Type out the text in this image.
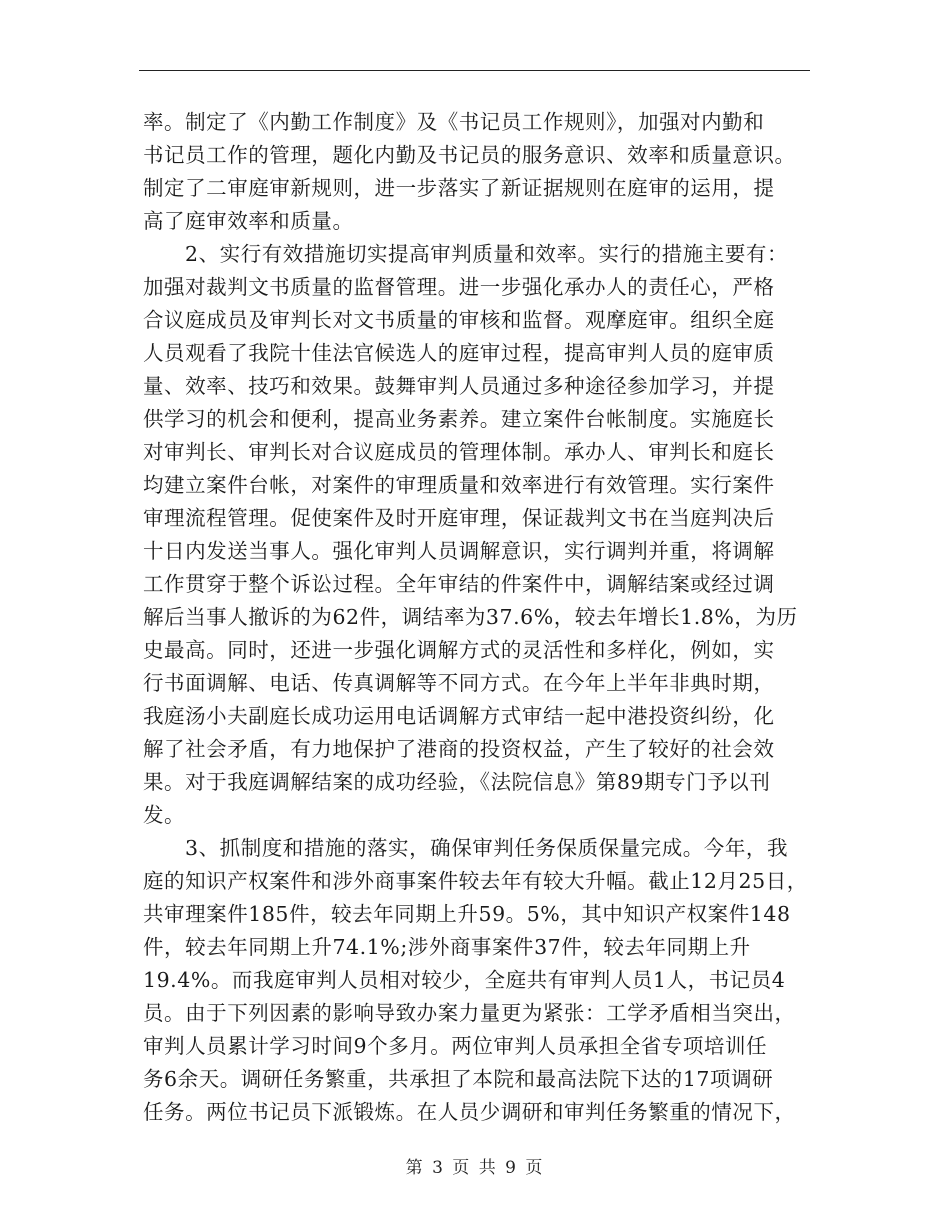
率。制定了《内勤工作制度》及《书记员工作规则》，加强对内勤和
书记员工作的管理，题化内勤及书记员的服务意识、效率和质量意识。
制定了二审庭审新规则，进一步落实了新证据规则在庭审的运用，提
高了庭审效率和质量。
2、实行有效措施切实提高审判质量和效率。实行的措施主要有：
加强对裁判文书质量的监督管理。进一步强化承办人的责任心，严格
合议庭成员及审判长对文书质量的审核和监督。观摩庭审。组织全庭
人员观看了我院十佳法官候选人的庭审过程，提高审判人员的庭审质
量、效率、技巧和效果。鼓舞审判人员通过多种途径参加学习，并提
供学习的机会和便利，提高业务素养。建立案件台帐制度。实施庭长
对审判长、审判长对合议庭成员的管理体制。承办人、审判长和庭长
均建立案件台帐，对案件的审理质量和效率进行有效管理。实行案件
审理流程管理。促使案件及时开庭审理，保证裁判文书在当庭判决后
十日内发送当事人。强化审判人员调解意识，实行调判并重，将调解
工作贯穿于整个诉讼过程。全年审结的件案件中，调解结案或经过调
解后当事人撤诉的为62件，调结率为37.6%，较去年增长1.8%，为历
史最高。同时，还进一步强化调解方式的灵活性和多样化，例如，实
行书面调解、电话、传真调解等不同方式。在今年上半年非典时期，
我庭汤小夫副庭长成功运用电话调解方式审结一起中港投资纠纷，化
解了社会矛盾，有力地保护了港商的投资权益，产生了较好的社会效
果。对于我庭调解结案的成功经验，《法院信息》第89期专门予以刊
发。
3、抓制度和措施的落实，确保审判任务保质保量完成。今年，我
庭的知识产权案件和涉外商事案件较去年有较大升幅。截止12月25日，
共审理案件185件，较去年同期上升59。5%，其中知识产权案件148
件，较去年同期上升74.1%;涉外商事案件37件，较去年同期上升
19.4%。而我庭审判人员相对较少，全庭共有审判人员1人，书记员4
员。由于下列因素的影响导致办案力量更为紧张：工学矛盾相当突出，
审判人员累计学习时间9个多月。两位审判人员承担全省专项培训任
务6余天。调研任务繁重，共承担了本院和最高法院下达的17项调研
任务。两位书记员下派锻炼。在人员少调研和审判任务繁重的情况下，
第 3 页 共 9 页
